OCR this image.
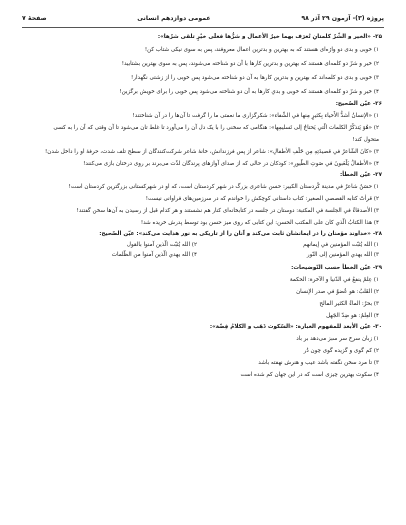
پروژه (۳)- آزمون ۲۹ آذر ۹۸
عمومی دوازدهم انسانی
صفحهٔ ۷
۲۵- «الخير و الشّرّ كلمتانِ تُعرَف بهما خيرُ الأعمال و شرُّها فعلَى خيْرٍ تلقى شرّها»:
۱) خوبی و بدی دو واژه‌ای هستند که به بهترین و بدترین اعمال معروفند، پس به سوی نیکی شتاب کن!
۲) خیر و شرّ دو کلمه‌ای هستند که بهترین و بدترین کارها با آن دو شناخته می‌شوند، پس به سوی بهترین بشتابید!
۳) خوبی و بدی دو کلمه‌اند که بهترین و بدترین کارها به آن دو شناخته می‌شود پس خوبی را از زشتی نگهدار!
۴) خیر و شرّ دو کلمه‌ای هستند که خوبی و بدیِ کارها به آن دو شناخته می‌شود پس خوبی را برای خویش برگزین!
۲۶- عیّن الصّحیح:
۱) «الإنسانُ أشدُّ الأَحياء بِكثيرٍ مِنها في الشِّفاء»: شکرگزاری ما نعمتی ما را گرفت تا آن‌ها را در آن شناختند!
۲) «هُوَ يَتذكّرُ الكلمات الّتي يَحتاجُ إلى تَسليمِها»: هنگامی که سخنی را با یک دل آن را می‌آورد تا غلط تان می‌شود تا آن وقتی که آن را به کسی
متحول کند!
۳) «كانَ الشّاعرُ في قصيدَتِهِ مِن خَلْفِ الأطفالِ»: شاعر از پس فرزندانش، خانهٔ شاعر شرکت‌کنندگان از سطح تلف شدت، حرفهٔ او را داخل شدن!
۴) «الأطفالُ يَلْعَبونَ في صَوتِ الطّيورِ»: کودکان در حالی که از صدای آوازهای پرندگان لذّت می‌برند بر روی درختان بازی می‌کنند!
۲۷- عیّن الخطأ:
۱) حسَنٌ شاعرٌ في مدينة كُردستان الكبير: حسن شاعری بزرگ در شهر کردستان است، که او در شهرکستانی بزرگترین کردستان است!
۲) قرأتُ كتابه القصصي الصغير: کتاب داستانی کوچکش را خواندم که در سرزمین‌های فراوانی نیست!
۳) الأصدقاءُ في الجلسة في المكتبة: دوستان در جلسه در کتابخانه‌ای کنار هم نشستند و هر کدام قبل از رسیدن به آن‌ها سخن گفتند!
۴) هذا الكتابُ الّذي كان على المكتب الحسن: این کتابی که روی میز حسن بود توسط پدرش خریده شد!
۲۸- «خداوند مؤمنان را در ایمانشان ثابت می‌کند و آنان را از تاریکی به نور هدایت می‌کند»: عیّن الصّحیح:
۱) الله يُثبّت المؤمنين في إيمانهم
۲) الله يُثبّت الّذين آمنوا بالقول
۳) الله يهدي المؤمنين إلى النّور
۴) الله يهدي الّذين آمنوا من الظّلمات
۲۹- عیّن الخطأ حسب التّوضیحات:
۱) عِلمٌ ينفعُ في الدّنيا و الآخرة: الحکمة
۲) القَلبُ: هو عُضوٌ في صدر الإنسان
۳) بحرٌ: الماءُ الكثير المالح
۴) العِلمُ: هو ضِدّ الجَهل
۳۰- عیّن الأبعد للمفهوم العبارة: «السّکوت ذَهَب و الکلامُ فِضّة»:
۱) زبان سرخ سر سبز می‌دهد بر باد
۲) کم گوی و گزیده گوی چون دُر
۳) تا مرد سخن نگفته باشد عیب و هنرش نهفته باشد
۴) سکوت بهترین چیزی است که در این جهان کم شده است
